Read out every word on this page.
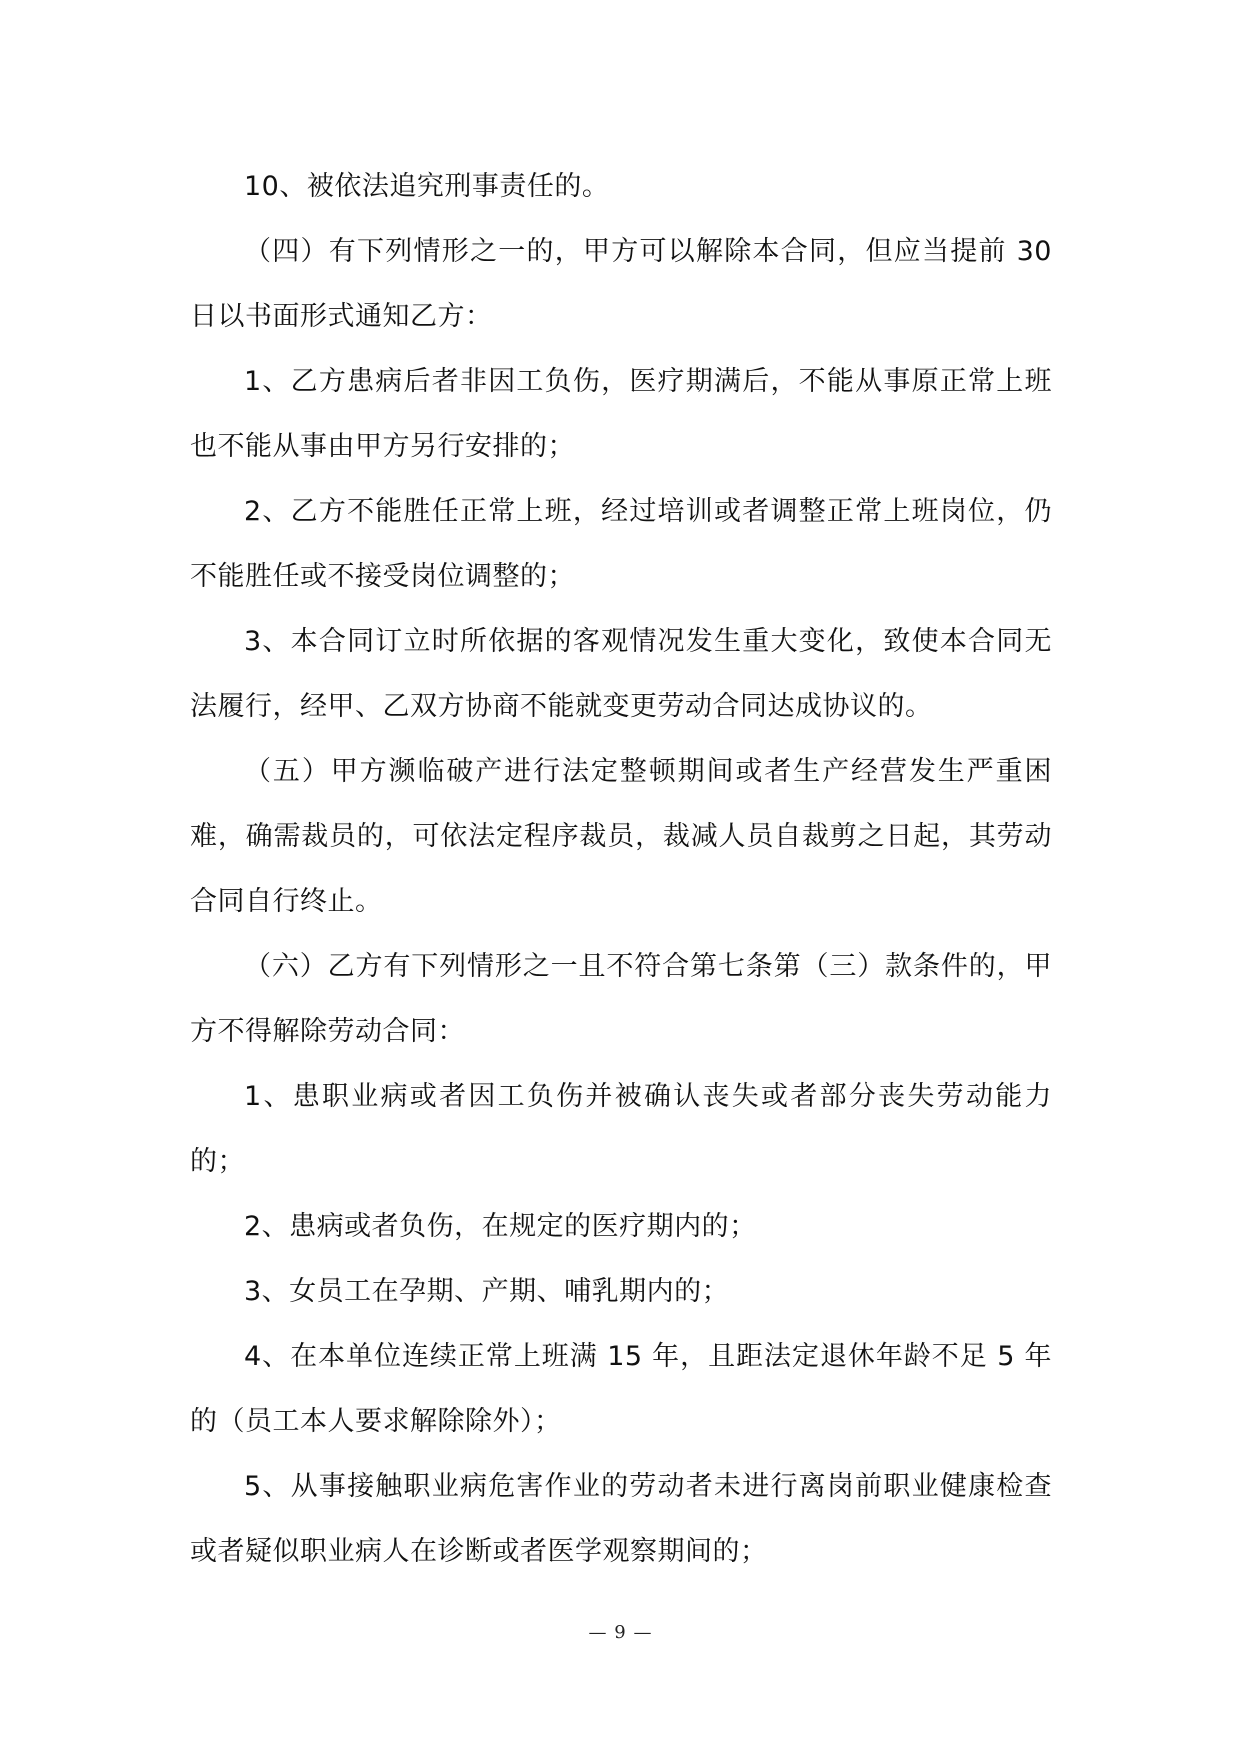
10、被依法追究刑事责任的。

（四）有下列情形之一的，甲方可以解除本合同，但应当提前 30 日以书面形式通知乙方：

1、乙方患病后者非因工负伤，医疗期满后，不能从事原正常上班也不能从事由甲方另行安排的；

2、乙方不能胜任正常上班，经过培训或者调整正常上班岗位，仍不能胜任或不接受岗位调整的；

3、本合同订立时所依据的客观情况发生重大变化，致使本合同无法履行，经甲、乙双方协商不能就变更劳动合同达成协议的。

（五）甲方濒临破产进行法定整顿期间或者生产经营发生严重困难，确需裁员的，可依法定程序裁员，裁减人员自裁剪之日起，其劳动合同自行终止。

（六）乙方有下列情形之一且不符合第七条第（三）款条件的，甲方不得解除劳动合同：

1、患职业病或者因工负伤并被确认丧失或者部分丧失劳动能力的；

2、患病或者负伤，在规定的医疗期内的；

3、女员工在孕期、产期、哺乳期内的；

4、在本单位连续正常上班满 15 年，且距法定退休年龄不足 5 年的（员工本人要求解除除外）；

5、从事接触职业病危害作业的劳动者未进行离岗前职业健康检查或者疑似职业病人在诊断或者医学观察期间的；

— 9 —
